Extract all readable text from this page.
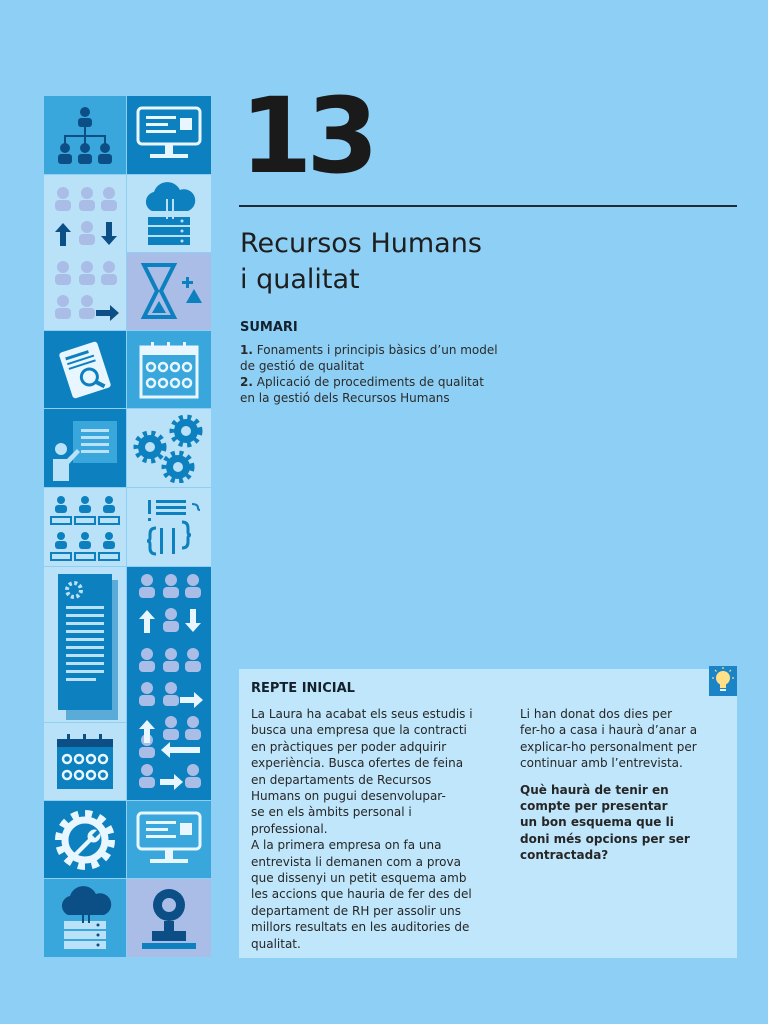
13
Recursos Humans
i qualitat
SUMARI
1. Fonaments i principis bàsics d’un model
de gestió de qualitat
2. Aplicació de procediments de qualitat
en la gestió dels Recursos Humans
REPTE INICIAL

La Laura ha acabat els seus estudis i

busca una empresa que la contracti

en pràctiques per poder adquirir

experiència. Busca ofertes de feina

en departaments de Recursos

Humans on pugui desenvolupar-

se en els àmbits personal i

professional.

A la primera empresa on fa una

entrevista li demanen com a prova

que dissenyi un petit esquema amb

les accions que hauria de fer des del

departament de RH per assolir uns

millors resultats en les auditories de

qualitat.

Li han donat dos dies per

fer-ho a casa i haurà d’anar a

explicar-ho personalment per

continuar amb l’entrevista.

Què haurà de tenir en

compte per presentar

un bon esquema que li

doni més opcions per ser

contractada?
